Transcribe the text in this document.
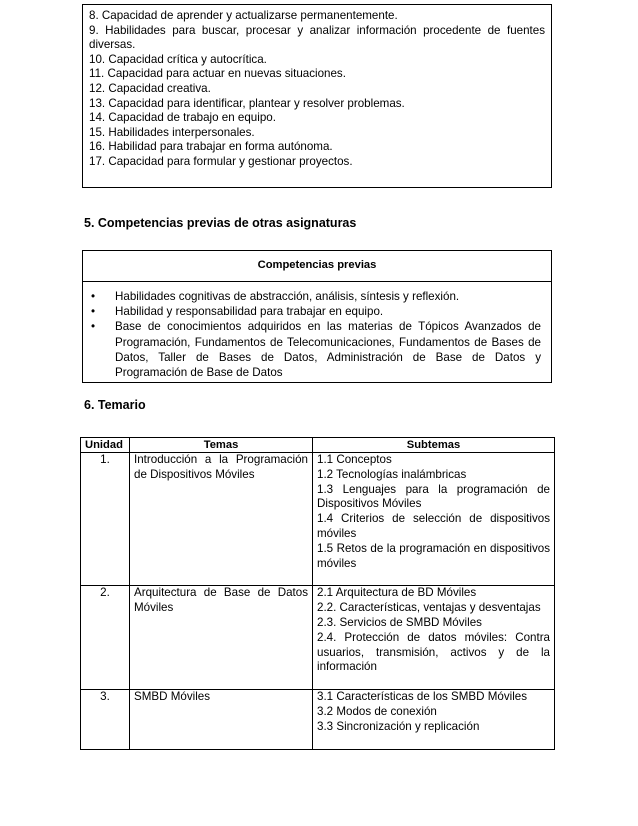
8. Capacidad de aprender y actualizarse permanentemente.
9. Habilidades para buscar, procesar y analizar información procedente de fuentes
diversas.
10. Capacidad crítica y autocrítica.
11. Capacidad para actuar en nuevas situaciones.
12. Capacidad creativa.
13. Capacidad para identificar, plantear y resolver problemas.
14. Capacidad de trabajo en equipo.
15. Habilidades interpersonales.
16. Habilidad para trabajar en forma autónoma.
17. Capacidad para formular y gestionar proyectos.
5. Competencias previas de otras asignaturas
Competencias previas
• Habilidades cognitivas de abstracción, análisis, síntesis y reflexión.
• Habilidad y responsabilidad para trabajar en equipo.
• Base de conocimientos adquiridos en las materias de Tópicos Avanzados de Programación, Fundamentos de Telecomunicaciones, Fundamentos de Bases de Datos, Taller de Bases de Datos, Administración de Base de Datos y Programación de Base de Datos
6. Temario
Unidad	Temas	Subtemas
1.	Introducción a la Programación de Dispositivos Móviles	1.1 Conceptos
1.2 Tecnologías inalámbricas
1.3 Lenguajes para la programación de Dispositivos Móviles
1.4 Criterios de selección de dispositivos móviles
1.5 Retos de la programación en dispositivos móviles

2.	Arquitectura de Base de Datos Móviles	2.1 Arquitectura de BD Móviles
2.2. Características, ventajas y desventajas
2.3. Servicios de SMBD Móviles
2.4. Protección de datos móviles: Contra usuarios, transmisión, activos y de la información

3.	SMBD Móviles	3.1 Características de los SMBD Móviles
3.2 Modos de conexión
3.3 Sincronización y replicación
